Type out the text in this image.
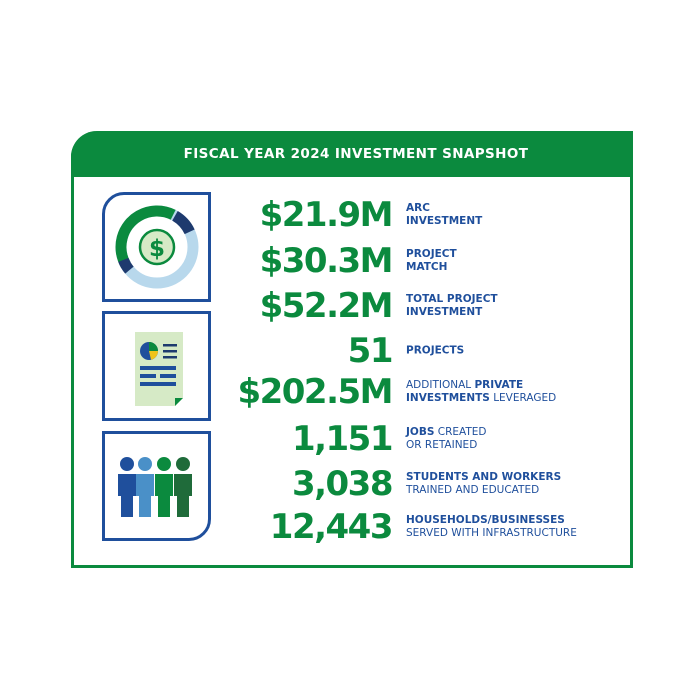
FISCAL YEAR 2024 INVESTMENT SNAPSHOT
$
$21.9M ARC
INVESTMENT
$30.3M PROJECT
MATCH
$52.2M TOTAL PROJECT
INVESTMENT
51 PROJECTS
$202.5M ADDITIONAL PRIVATE
INVESTMENTS LEVERAGED
1,151 JOBS CREATED
OR RETAINED
3,038 STUDENTS AND WORKERS
TRAINED AND EDUCATED
12,443 HOUSEHOLDS/BUSINESSES
SERVED WITH INFRASTRUCTURE
